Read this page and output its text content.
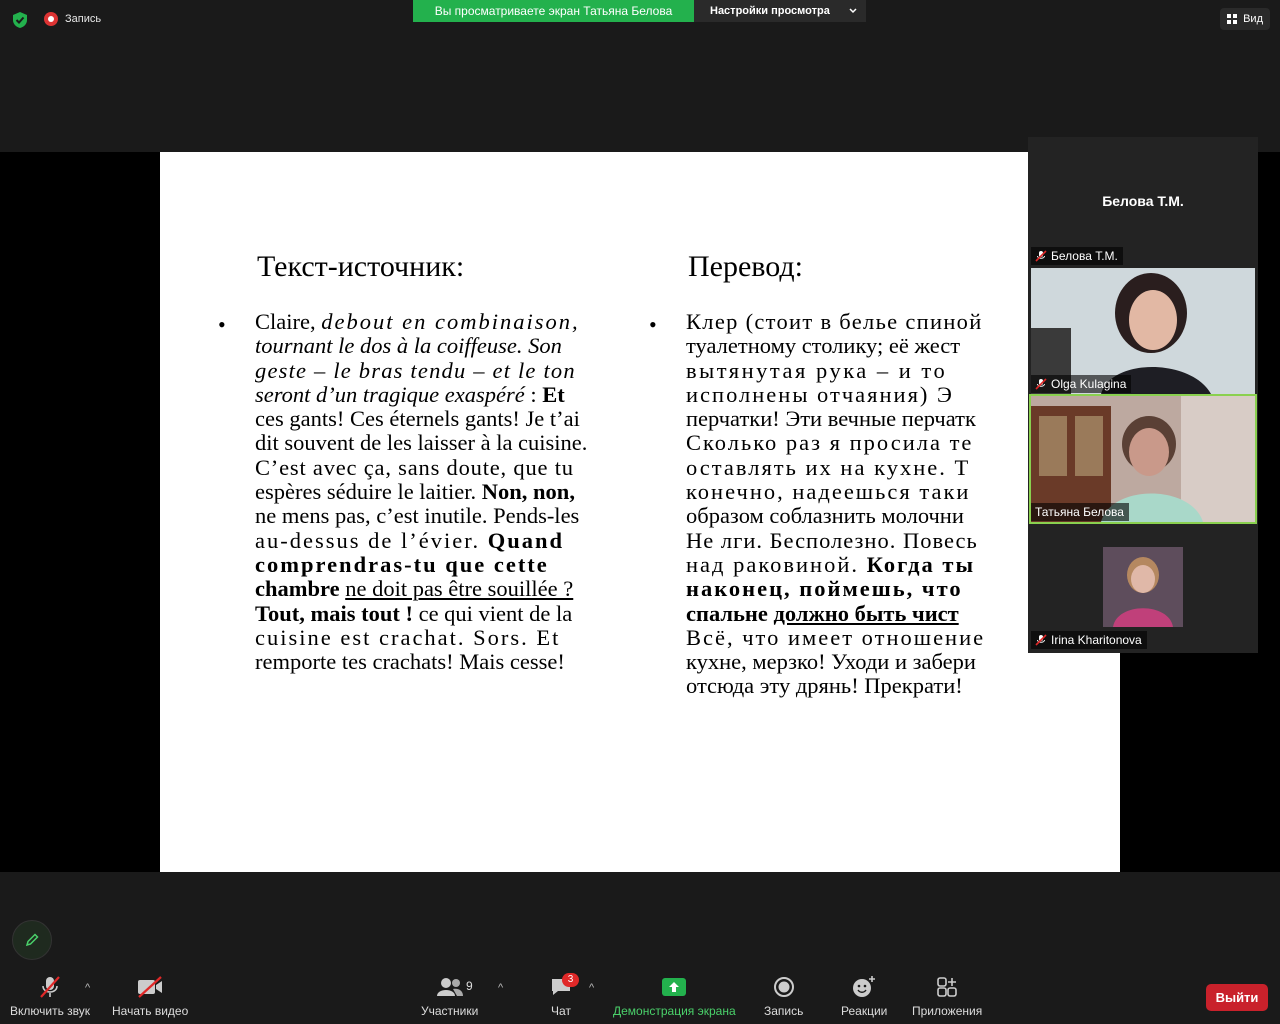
Запись
Вы просматриваете экран Татьяна Белова	Настройки просмотра
Вид
Текст-источник:
• Claire, debout en combinaison,
tournant le dos à la coiffeuse. Son
geste – le bras tendu – et le ton
seront d’un tragique exaspéré : Et
ces gants! Ces éternels gants! Je t’ai
dit souvent de les laisser à la cuisine.
C’est avec ça, sans doute, que tu
espères séduire le laitier. Non, non,
ne mens pas, c’est inutile. Pends-les
au-dessus de l’évier. Quand
comprendras-tu que cette
chambre ne doit pas être souillée ?
Tout, mais tout ! ce qui vient de la
cuisine est crachat. Sors. Et
remporte tes crachats! Mais cesse!
Перевод:
• Клер (стоит в белье спиной
туалетному столику; её жест
вытянутая рука – и то
исполнены отчаяния) Э
перчатки! Эти вечные перчатк
Сколько раз я просила те
оставлять их на кухне. Т
конечно, надеешься таки
образом соблазнить молочни
Не лги. Бесполезно. Повесь
над раковиной. Когда ты
наконец, поймешь, что
спальне должно быть чист
Всё, что имеет отношение
кухне, мерзко! Уходи и забери
отсюда эту дрянь! Прекрати!
Белова Т.М.
Белова Т.М.
Olga Kulagina
Татьяна Белова
Irina Kharitonova
Включить звук
^
Начать видео	Участники
9 ^
Чат
3
^
Демонстрация экрана Запись	Реакции Приложения
Выйти
